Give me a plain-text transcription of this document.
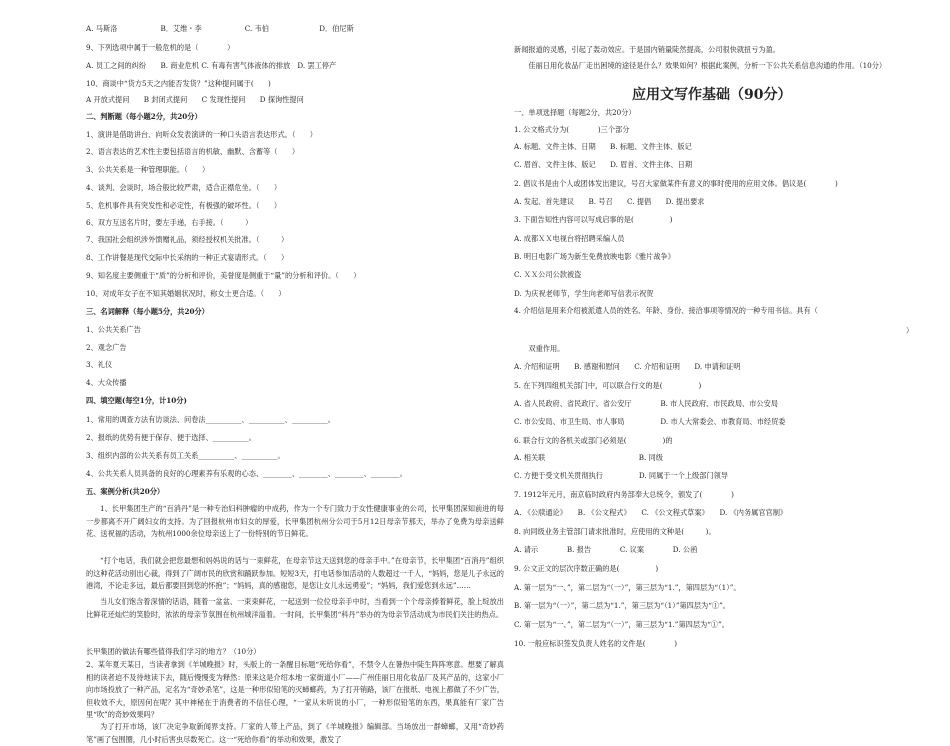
A. 马斯洛　　　　　　B．艾维・李　　　　　　C. 韦伯　　　　　　　D．伯尼斯
9、下列选项中属于一般危机的是（　　　　）
A. 员工之间的纠纷　　B. 商业危机 C. 有毒有害气体液体的排放　D. 罢工停产
10、商谈中“货方5天之内能否发货？”这种提问属于(　　)
A 开放式提问　　B 封闭式提问　　C 发现性提问　　D 探询性提问
二、判断题（每小题2分，共20分）
1、演讲是借助讲台、向听众发表演讲的一种口头语言表达形式。（　　）
2、语言表达的艺术性主要包括语言的机敏、幽默、含蓄等（　　）
3、公共关系是一种管理职能。（　　）
4、谈判、会谈时，场合般比较严肃，适合正襟危坐。（　　）
5、危机事件具有突发性和必定性，有极强的破坏性。（　　）
6、双方互送名片时，要左手递，右手接。（　　　）
7、我国社会组织涉外馈赠礼品，须经授权机关批准。（　　　）
8、工作讲餐是现代交际中长采纳的一种正式宴请形式。（　　）
9、知名度主要侧重于“质”的分析和评价，美誉度是侧重于“量”的分析和评价。（　　）
10、对成年女子在不知其婚姻状况时，称女士更合适。（　　）
三、名词解释（每小题5分，共20分）
1、公共关系广告
2、观念广告
3、礼仪
4、大众传播
四、填空题(每空1分，计10分)
1、常用的调查方法有访谈法、问卷法__________、__________、__________。
2、报纸的优势有便于保存、便于选择、__________。
3、组织内部的公共关系有员工关系__________、__________。
4、公共关系人员具备的良好的心理素养有乐观的心态、________、________、________、________。
五、案例分析(共20分）
1、长甲集团生产的“百消丹”是一种专治妇科肿瘤的中成药，作为一个专门致力于女性健康事业的公司，长甲集团深知前进的每一步都离不开广阔妇女的支持。为了回报杭州市妇女的厚爱，长甲集团杭州分公司于5月12日母亲节那天，举办了免费为母亲送鲜花、送祝福的活动，为杭州1000余位母亲送上了一份特别的节日鲜花。
“打个电话，我们就会把您最想和妈妈说的话与一束鲜花，在母亲节这天送到您的母亲手中。”在母亲节，长甲集团“百消丹”组织的这种花活动别出心裁，得到了广阔市民的欣赏和踊跃参加。短短3天，打电话参加活动的人数超过一千人，“妈妈，您是儿子永远的港湾，不论走多远，最后都要回到您的怀抱”；“妈妈，真的感谢您，是您让女儿永远勇爱”；“妈妈，我们爱您到永远”……
当儿女们饱含着深情的话语，随着一盆盆、一束束鲜花，一起送到一位位母亲手中时，当看到一个个母亲捧着鲜花，脸上绽放出比鲜花还灿烂的笑脸时，浓浓的母亲节氛围在杭州城洋溢着。一时间，长甲集团“科丹”举办的为母亲节活动成为市民们关注的热点。
长甲集团的做法有哪些值得我们学习的地方？（10分）
2、某年夏天某日，当读者拿到《羊城晚报》时，头版上的一条醒目标题“死给你看”，不禁令人在暑热中陡生阵阵寒意。想要了解真相的读者迫不及待地读下去，随后慢慢变为释然：原来这是介绍本地一家街道小厂——广州佳丽日用化妆品厂及其产品的，这家小厂向市场投放了一种产品，定名为“奇妙杀笔”，这是一种形似铅笔的灭蟑螂药，为了打开销路，该厂在报纸、电视上都做了不少广告，但收效不大，原因何在呢？其中神秘在于消费者的不信任心理，“一家从未听说的小厂，一种形似铅笔的东西，果真能有厂家广告里“吹”的奇妙效果吗？
为了打开市场，该厂决定争取新闻界支持。厂家的人带上产品，到了《羊城晚报》编辑部。当场放出一群蟑螂，又用“奇妙药笔”画了包围圈，几小时后害虫尽数死亡。这一“死给你看”的举动和效果，激发了
新闻报道的灵感，引起了轰动效应。于是国内销量陡然提高，公司很快就扭亏为盈。
　　佳丽日用化妆品厂走出困境的途径是什么？效果如何？根据此案例，分析一下公共关系信息沟通的作用。（10分）
应用文写作基础（90分）
一、单项选择题（每题2分，共20分）
1. 公文格式分为(　　　　)三个部分
A. 标题、文件主体、日期　　B. 标题、文件主体、版记
C. 眉首、文件主体、版记　　D. 眉首、文件主体、日期
2. 倡议书是由个人或团体发出建议，号召大家做某件有意义的事时使用的应用文体。倡议是(　　　　)
A. 发起、首先建议　　B. 号召　　C. 提倡　　D. 提出要求
3. 下面告知性内容可以写成启事的是(　　　　　)
A. 成都ＸＸ电视台将招聘采编人员
B. 明日电影广场为新生免费放映电影《雅片战争》
C. ＸＸ公司公款被盗
D. 为庆祝老师节，学生向老师写信表示祝贺
4. 介绍信是用来介绍被派遣人员的姓名、年龄、身份、接洽事项等情况的一种专用书信。具有（
）
　　双重作用。
A. 介绍和证明　　B. 感谢和慰问　　C. 介绍和证明　　D. 申请和证明
5. 在下列四组机关部门中，可以联合行文的是(　　　　　)
A. 省人民政府、省民政厅、省公安厅　　　　B. 市人民政府、市民政局、市公安局
C. 市公安局、市卫生局、市人事局　　　　　D. 市人大常委会、市教育局、市经贸委
6. 联合行文的各机关或部门必须是(　　　　　)的
A. 相关联　　　　　　　　　　　　　B. 同级
C. 方便于受文机关贯彻执行　　　　　D. 同属于一个上级部门领导
7. 1912年元月，南京临时政府内务部奉大总统令，颁发了(　　　　)
A. 《公牍通论》　　B. 《公文程式》　　C. 《公文程式草案》　　D. 《内务属官官制》
8. 向同级业务主管部门请求批准时，应使用的文种是(　　　)。
A. 请示　　　　B. 报告　　　　C. 议案　　　　D. 公函
9. 公文正文的层次序数正确的是(　　　　　)
A. 第一层为“一、”，第二层为“（一）”，第三层为“1.”，第四层为“（1）”。
B. 第一层为“（一）”，第二层为“1.”，第三层为“（1）”第四层为“①”。
C. 第一层为“一、”，第二层为“（一）”，第三层为“1.”第四层为“①”。
10. 一般应标识签发负责人姓名的文件是(　　　　)
